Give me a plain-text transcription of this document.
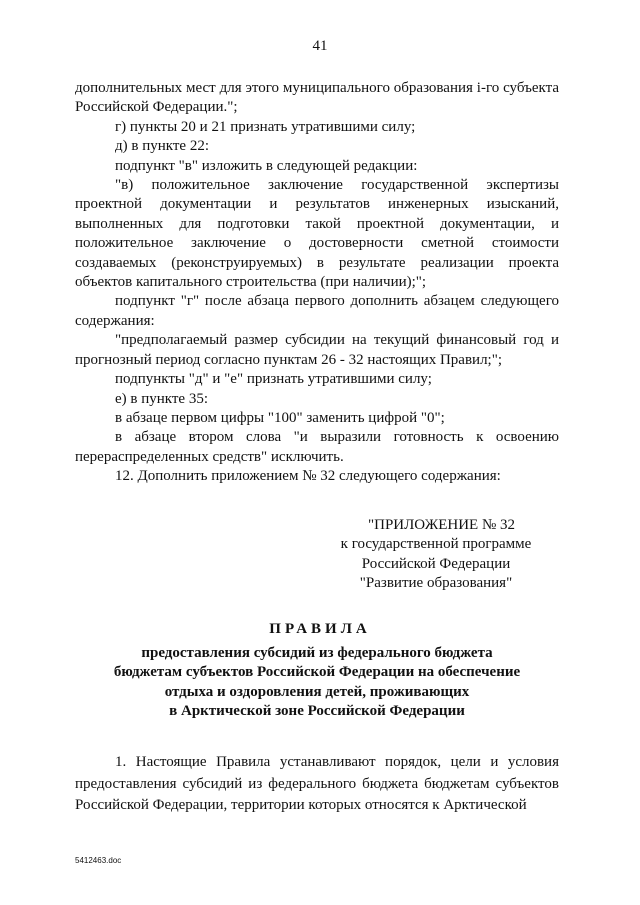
41

дополнительных мест для этого муниципального образования i-го субъекта Российской Федерации.";

г) пункты 20 и 21 признать утратившими силу;

д) в пункте 22:

подпункт "в" изложить в следующей редакции:

"в) положительное заключение государственной экспертизы проектной документации и результатов инженерных изысканий, выполненных для подготовки такой проектной документации, и положительное заключение о достоверности сметной стоимости создаваемых (реконструируемых) в результате реализации проекта объектов капитального строительства (при наличии);";

подпункт "г" после абзаца первого дополнить абзацем следующего содержания:

"предполагаемый размер субсидии на текущий финансовый год и прогнозный период согласно пунктам 26 - 32 настоящих Правил;";

подпункты "д" и "е" признать утратившими силу;

е) в пункте 35:

в абзаце первом цифры "100" заменить цифрой "0";

в абзаце втором слова "и выразили готовность к освоению перераспределенных средств" исключить.

12. Дополнить приложением № 32 следующего содержания:

"ПРИЛОЖЕНИЕ № 32
к государственной программе
Российской Федерации
"Развитие образования"
ПРАВИЛА
предоставления субсидий из федерального бюджета
бюджетам субъектов Российской Федерации на обеспечение
отдыха и оздоровления детей, проживающих
в Арктической зоне Российской Федерации

1. Настоящие Правила устанавливают порядок, цели и условия предоставления субсидий из федерального бюджета бюджетам субъектов Российской Федерации, территории которых относятся к Арктической

5412463.doc
